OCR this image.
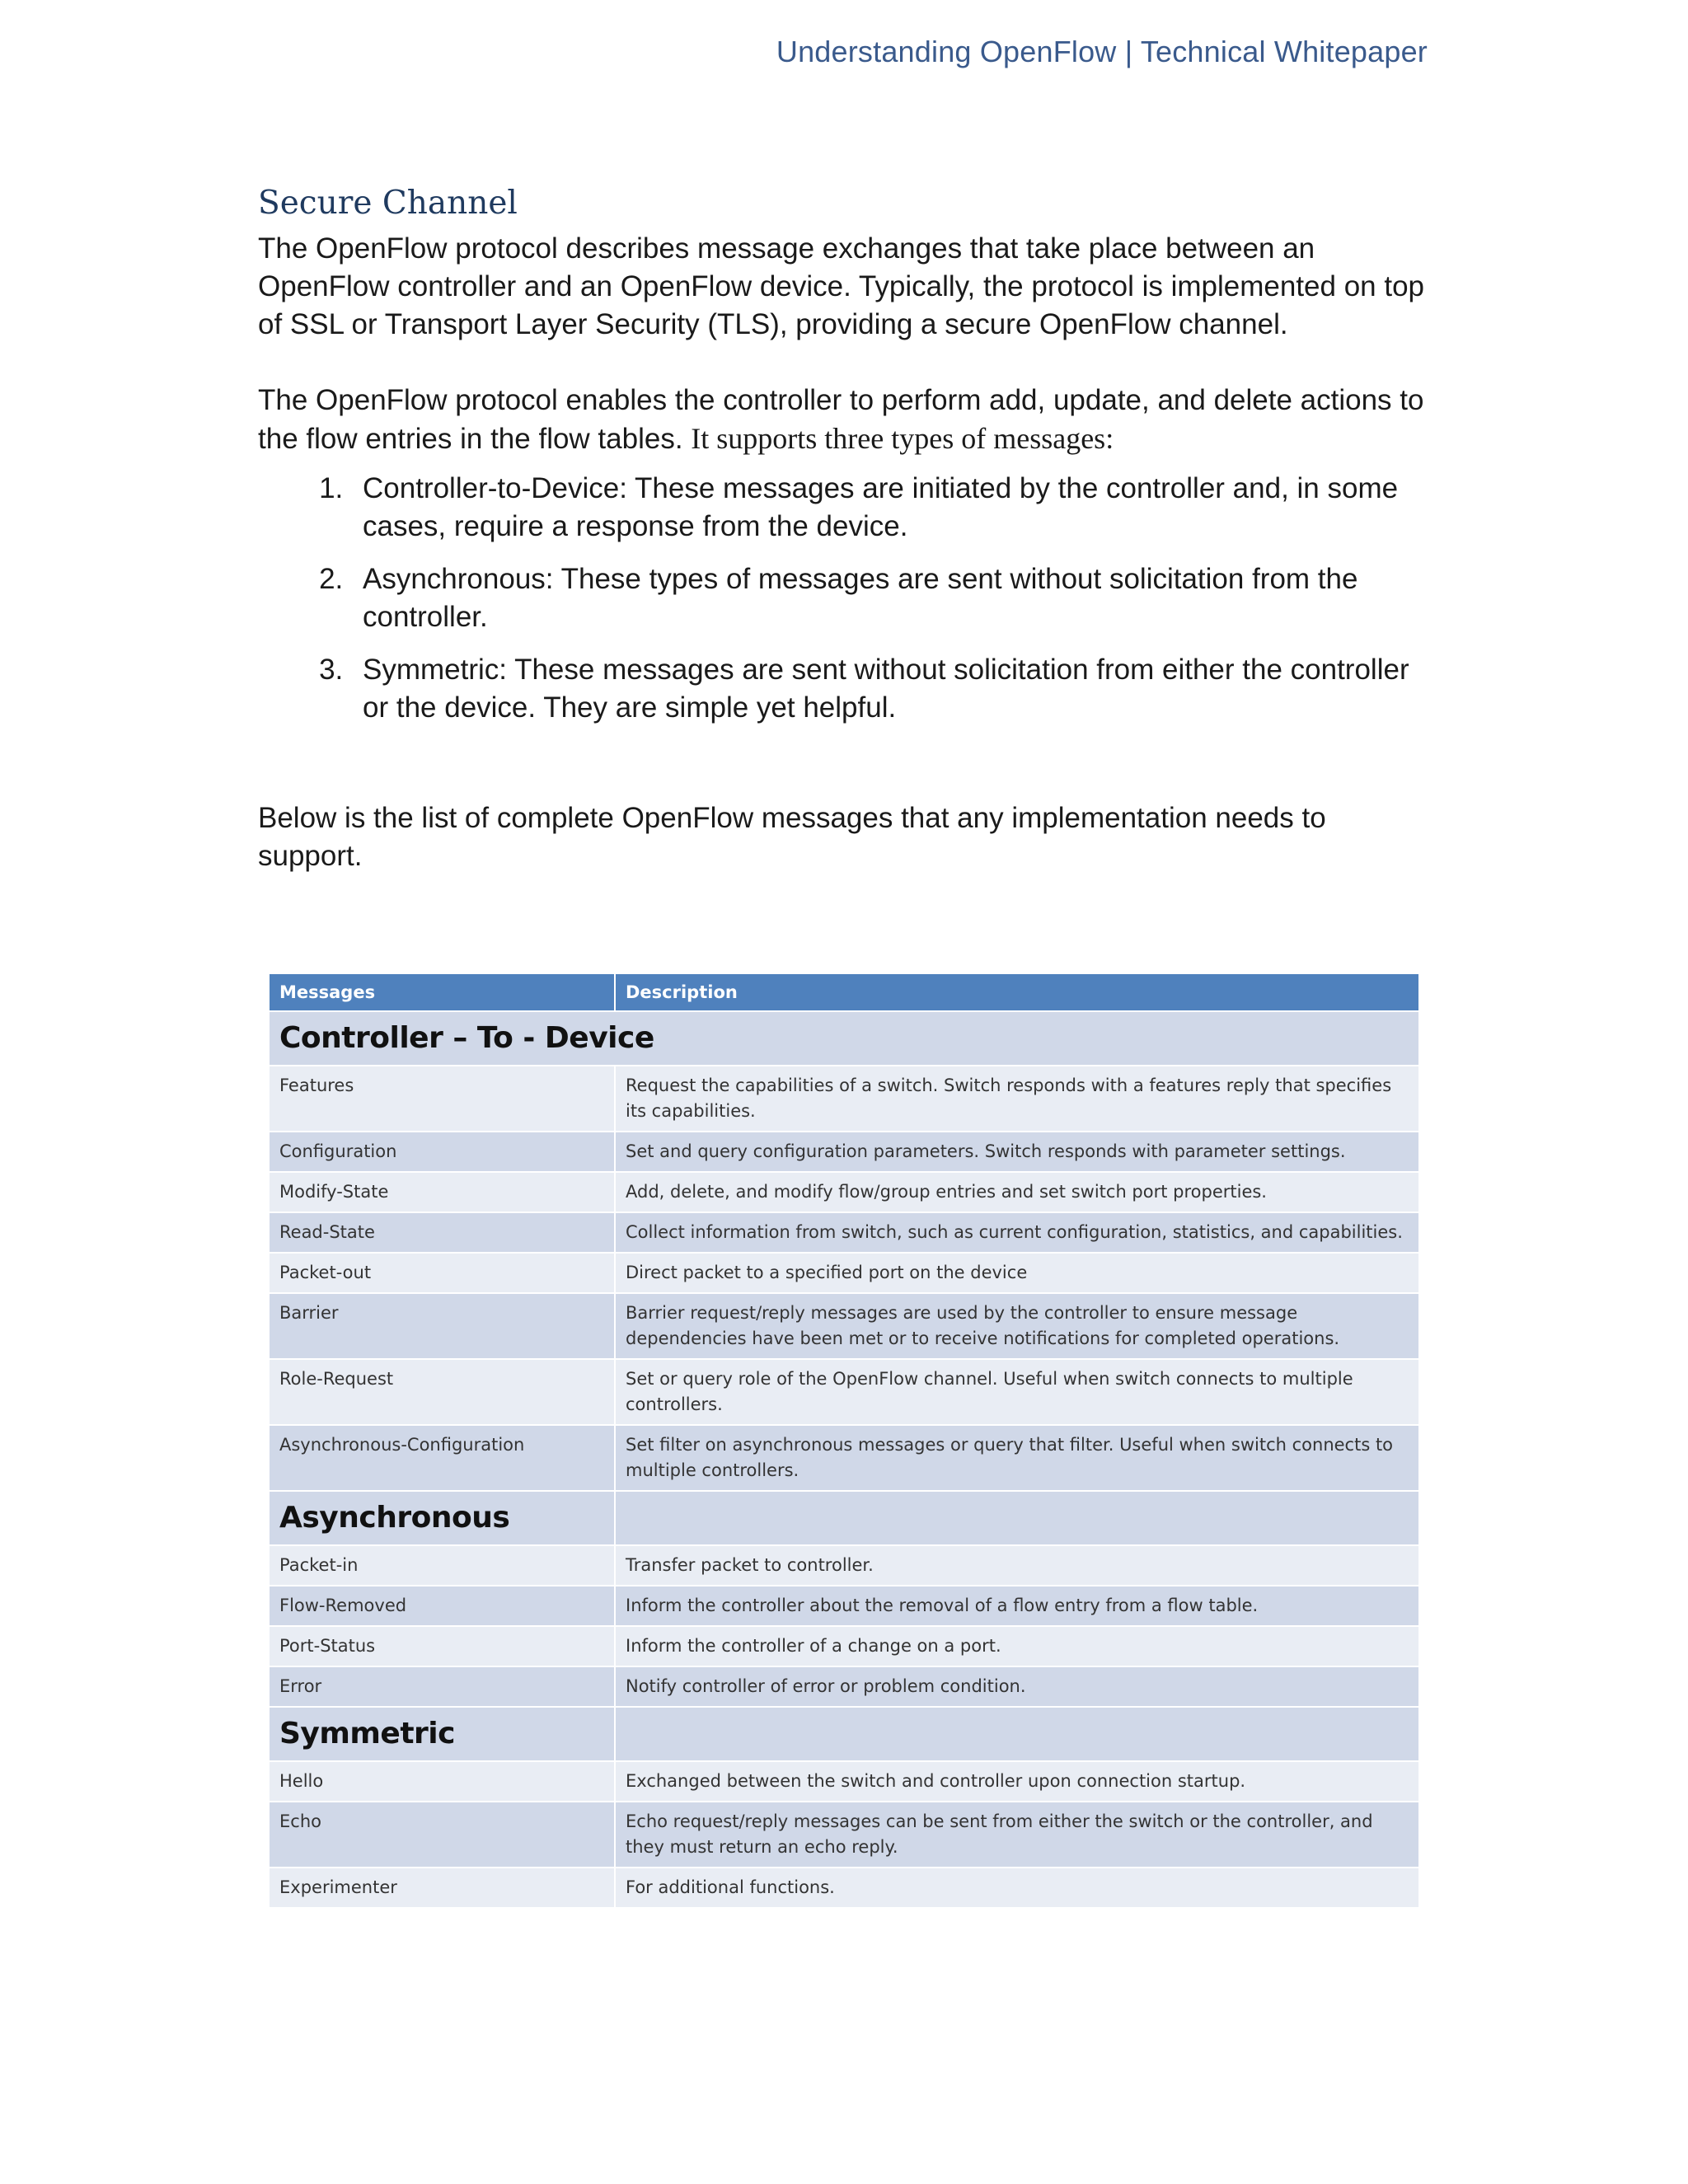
Understanding OpenFlow | Technical Whitepaper
Secure Channel

The OpenFlow protocol describes message exchanges that take place between an OpenFlow controller and an OpenFlow device. Typically, the protocol is implemented on top of SSL or Transport Layer Security (TLS), providing a secure OpenFlow channel.

The OpenFlow protocol enables the controller to perform add, update, and delete actions to the flow entries in the flow tables. It supports three types of messages:

1. Controller-to-Device: These messages are initiated by the controller and, in some cases, require a response from the device.
2. Asynchronous: These types of messages are sent without solicitation from the controller.
3. Symmetric: These messages are sent without solicitation from either the controller or the device. They are simple yet helpful.

Below is the list of complete OpenFlow messages that any implementation needs to support.

Messages	Description
Controller – To - Device	
Features	Request the capabilities of a switch. Switch responds with a features reply that specifies its capabilities.
Configuration	Set and query configuration parameters. Switch responds with parameter settings.
Modify-State	Add, delete, and modify flow/group entries and set switch port properties.
Read-State	Collect information from switch, such as current configuration, statistics, and capabilities.
Packet-out	Direct packet to a specified port on the device
Barrier	Barrier request/reply messages are used by the controller to ensure message dependencies have been met or to receive notifications for completed operations.
Role-Request	Set or query role of the OpenFlow channel. Useful when switch connects to multiple controllers.
Asynchronous-Configuration	Set filter on asynchronous messages or query that filter. Useful when switch connects to multiple controllers.
Asynchronous	
Packet-in	Transfer packet to controller.
Flow-Removed	Inform the controller about the removal of a flow entry from a flow table.
Port-Status	Inform the controller of a change on a port.
Error	Notify controller of error or problem condition.
Symmetric	
Hello	Exchanged between the switch and controller upon connection startup.
Echo	Echo request/reply messages can be sent from either the switch or the controller, and they must return an echo reply.
Experimenter	For additional functions.
